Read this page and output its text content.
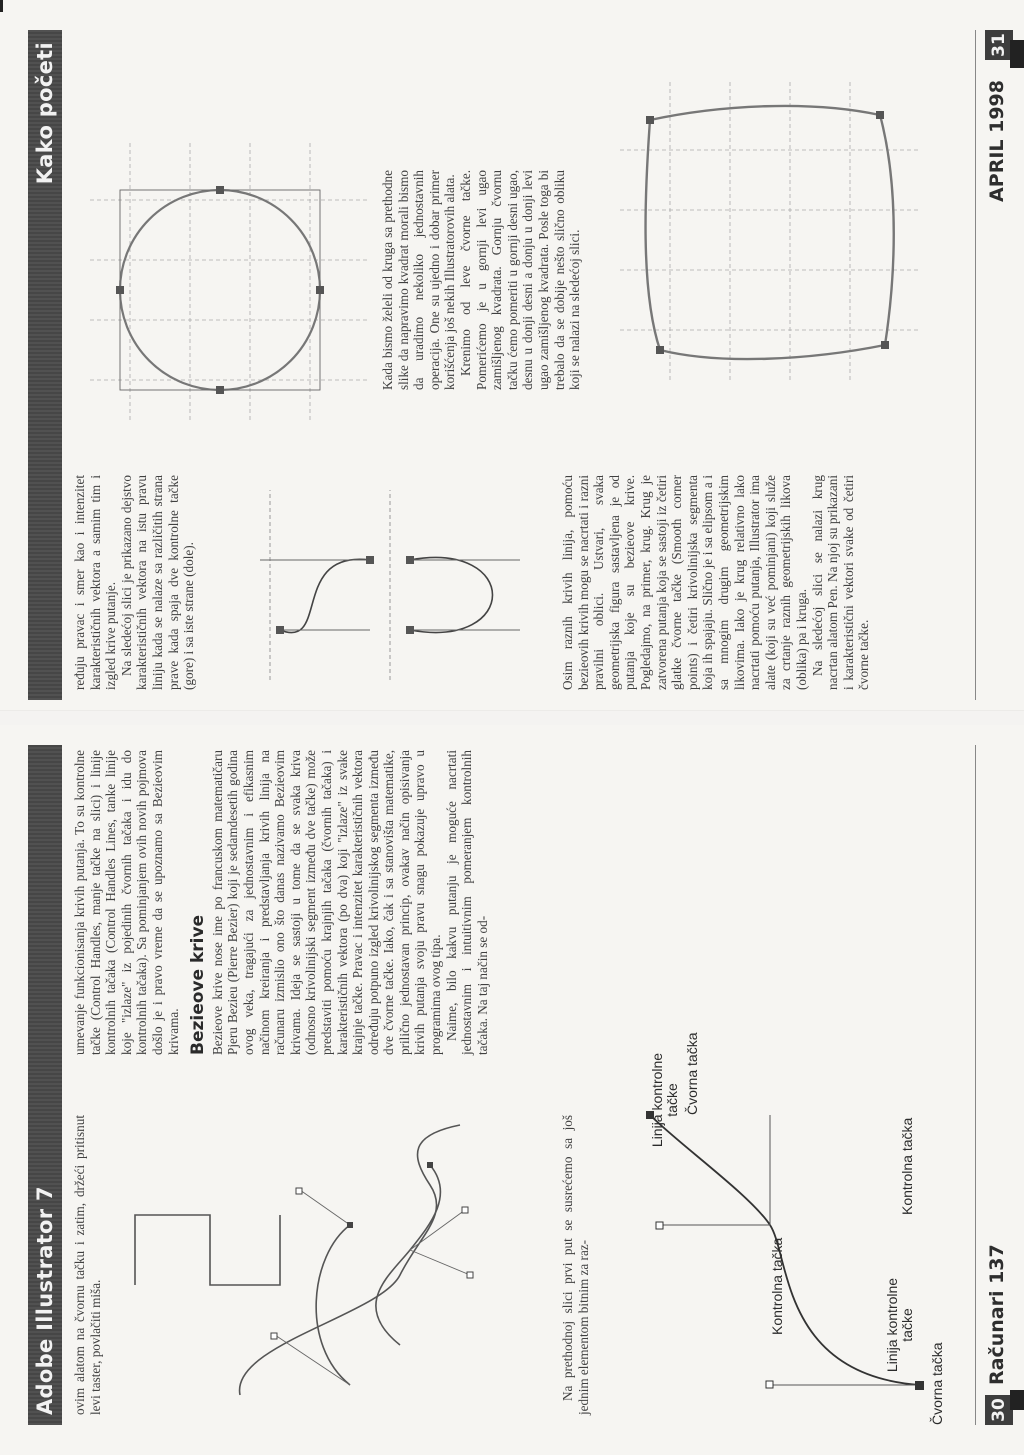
Adobe Illustrator 7	ovim alatom na čvornu tačku i zatim, držeći pritisnut levi taster, povlačiti miša.	Na prethodnoj slici prvi put se susrećemo sa još jednim elementom bitnim za raz-	Čvorna tačka
Linija kontrolne tačke
Kontrolna tačka
Kontrolna tačka
Linija kontrolne tačke Čvorna tačka

umevanje funkcionisanja krivih putanja. To su kontrolne tačke (Control Handles, manje tačke na slici) i linije kontrolnih tačaka (Control Handles Lines, tanke linije koje "izlaze" iz pojedinih čvornih tačaka i idu do kontrolnih tačaka). Sa pominjanjem ovih novih pojmova došlo je i pravo vreme da se upoznamo sa Bezieovim krivama. Bezieove krive Bezieove krive nose ime po francuskom matematičaru Pjeru Bezieu (Pierre Bezier) koji je sedamdesetih godina ovog veka, tragajući za jednostavnim i efikasnim načinom kreiranja i predstavljanja krivih linija na računaru izmislio ono što danas nazivamo Bezieovim krivama. Ideja se sastoji u tome da se svaka kriva (odnosno krivolinijski segment između dve tačke) može predstaviti pomoću krajnjih tačaka (čvornih tačaka) i karakterističnih vektora (po dva) koji "izlaze" iz svake krajnje tačke. Pravac i intenzitet karakterističnih vektora određuju potpuno izgled krivolinijskog segmenta između dve čvorne tačke. Iako, čak i sa stanovišta matematike, prilično jednostavan princip, ovakav način opisivanja krivih putanja svoju pravu snagu pokazuje upravo u programima ovog tipa. Naime, bilo kakvu putanju je moguće nacrtati jednostavnim i intuitivnim pomeranjem kontrolnih tačaka. Na taj način se od-

30
Računari 137
Kako početi

ređuju pravac i smer kao i intenzitet karakterističnih vektora a samim tim i izgled krive putanje. Na sledećoj slici je prikazano dejstvo karakterističnih vektora na istu pravu liniju kada se nalaze sa različitih strana prave kada spaja dve kontrolne tačke (gore) i sa iste strane (dole).	Osim raznih krivih linija, pomoću bezieovih krivih mogu se nacrtati i razni pravilni oblici. Ustvari, svaka geometrijska figura sastavljena je od putanja koje su bezieove krive. Pogledajmo, na primer, krug. Krug je zatvorena putanja koja se sastoji iz četiri glatke čvorne tačke (Smooth corner points) i četiri krivolinijska segmenta koja ih spajaju. Slično je i sa elipsom a i sa mnogim drugim geometrijskim likovima. Iako je krug relativno lako nacrtati pomoću putanja, Illustrator ima alate (koji su već pominjani) koji služe za crtanje raznih geometrijskih likova (oblika) pa i kruga. Na sledećoj slici se nalazi krug nacrtan alatom Pen. Na njoj su prikazani i karakteristični vektori svake od četiri čvorne tačke.

Kada bismo želeli od kruga sa prethodne slike da napravimo kvadrat morali bismo da uradimo nekoliko jednostavnih operacija. One su ujedno i dobar primer korišćenja još nekih Illustratorovih alata. Krenimo od leve čvorne tačke. Pomerićemo je u gornji levi ugao zamišljenog kvadrata. Gornju čvornu tačku ćemo pomeriti u gornji desni ugao, desnu u donji desni a donju u donji levi ugao zamišljenog kvadrata. Posle toga bi trebalo da se dobije nešto slično obliku koji se nalazi na sledećoj slici.

APRIL 1998
31
